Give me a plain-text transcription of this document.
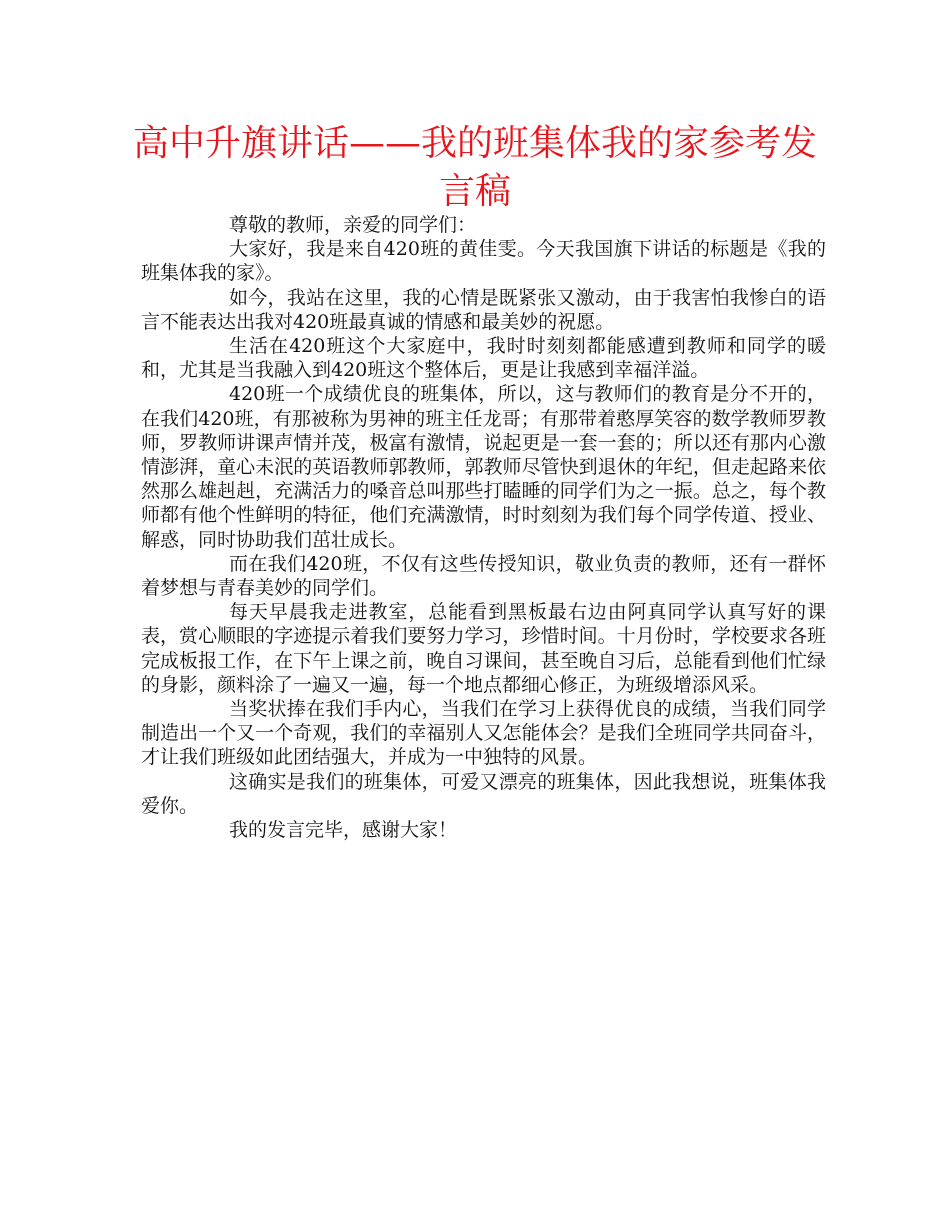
高中升旗讲话——我的班集体我的家参考发言稿

尊敬的教师，亲爱的同学们：

大家好，我是来自420班的黄佳雯。今天我国旗下讲话的标题是《我的班集体我的家》。

如今，我站在这里，我的心情是既紧张又激动，由于我害怕我惨白的语言不能表达出我对420班最真诚的情感和最美妙的祝愿。

生活在420班这个大家庭中，我时时刻刻都能感遭到教师和同学的暖和，尤其是当我融入到420班这个整体后，更是让我感到幸福洋溢。

420班一个成绩优良的班集体，所以，这与教师们的教育是分不开的，在我们420班，有那被称为男神的班主任龙哥；有那带着憨厚笑容的数学教师罗教师，罗教师讲课声情并茂，极富有激情，说起更是一套一套的；所以还有那内心激情澎湃，童心未泯的英语教师郭教师，郭教师尽管快到退休的年纪，但走起路来依然那么雄赳赳，充满活力的嗓音总叫那些打瞌睡的同学们为之一振。总之，每个教师都有他个性鲜明的特征，他们充满激情，时时刻刻为我们每个同学传道、授业、解惑，同时协助我们茁壮成长。

而在我们420班，不仅有这些传授知识，敬业负责的教师，还有一群怀着梦想与青春美妙的同学们。

每天早晨我走进教室，总能看到黑板最右边由阿真同学认真写好的课表，赏心顺眼的字迹提示着我们要努力学习，珍惜时间。十月份时，学校要求各班完成板报工作，在下午上课之前，晚自习课间，甚至晚自习后，总能看到他们忙绿的身影，颜料涂了一遍又一遍，每一个地点都细心修正，为班级增添风采。

当奖状捧在我们手内心，当我们在学习上获得优良的成绩，当我们同学制造出一个又一个奇观，我们的幸福别人又怎能体会？是我们全班同学共同奋斗，才让我们班级如此团结强大，并成为一中独特的风景。

这确实是我们的班集体，可爱又漂亮的班集体，因此我想说，班集体我爱你。

我的发言完毕，感谢大家！
